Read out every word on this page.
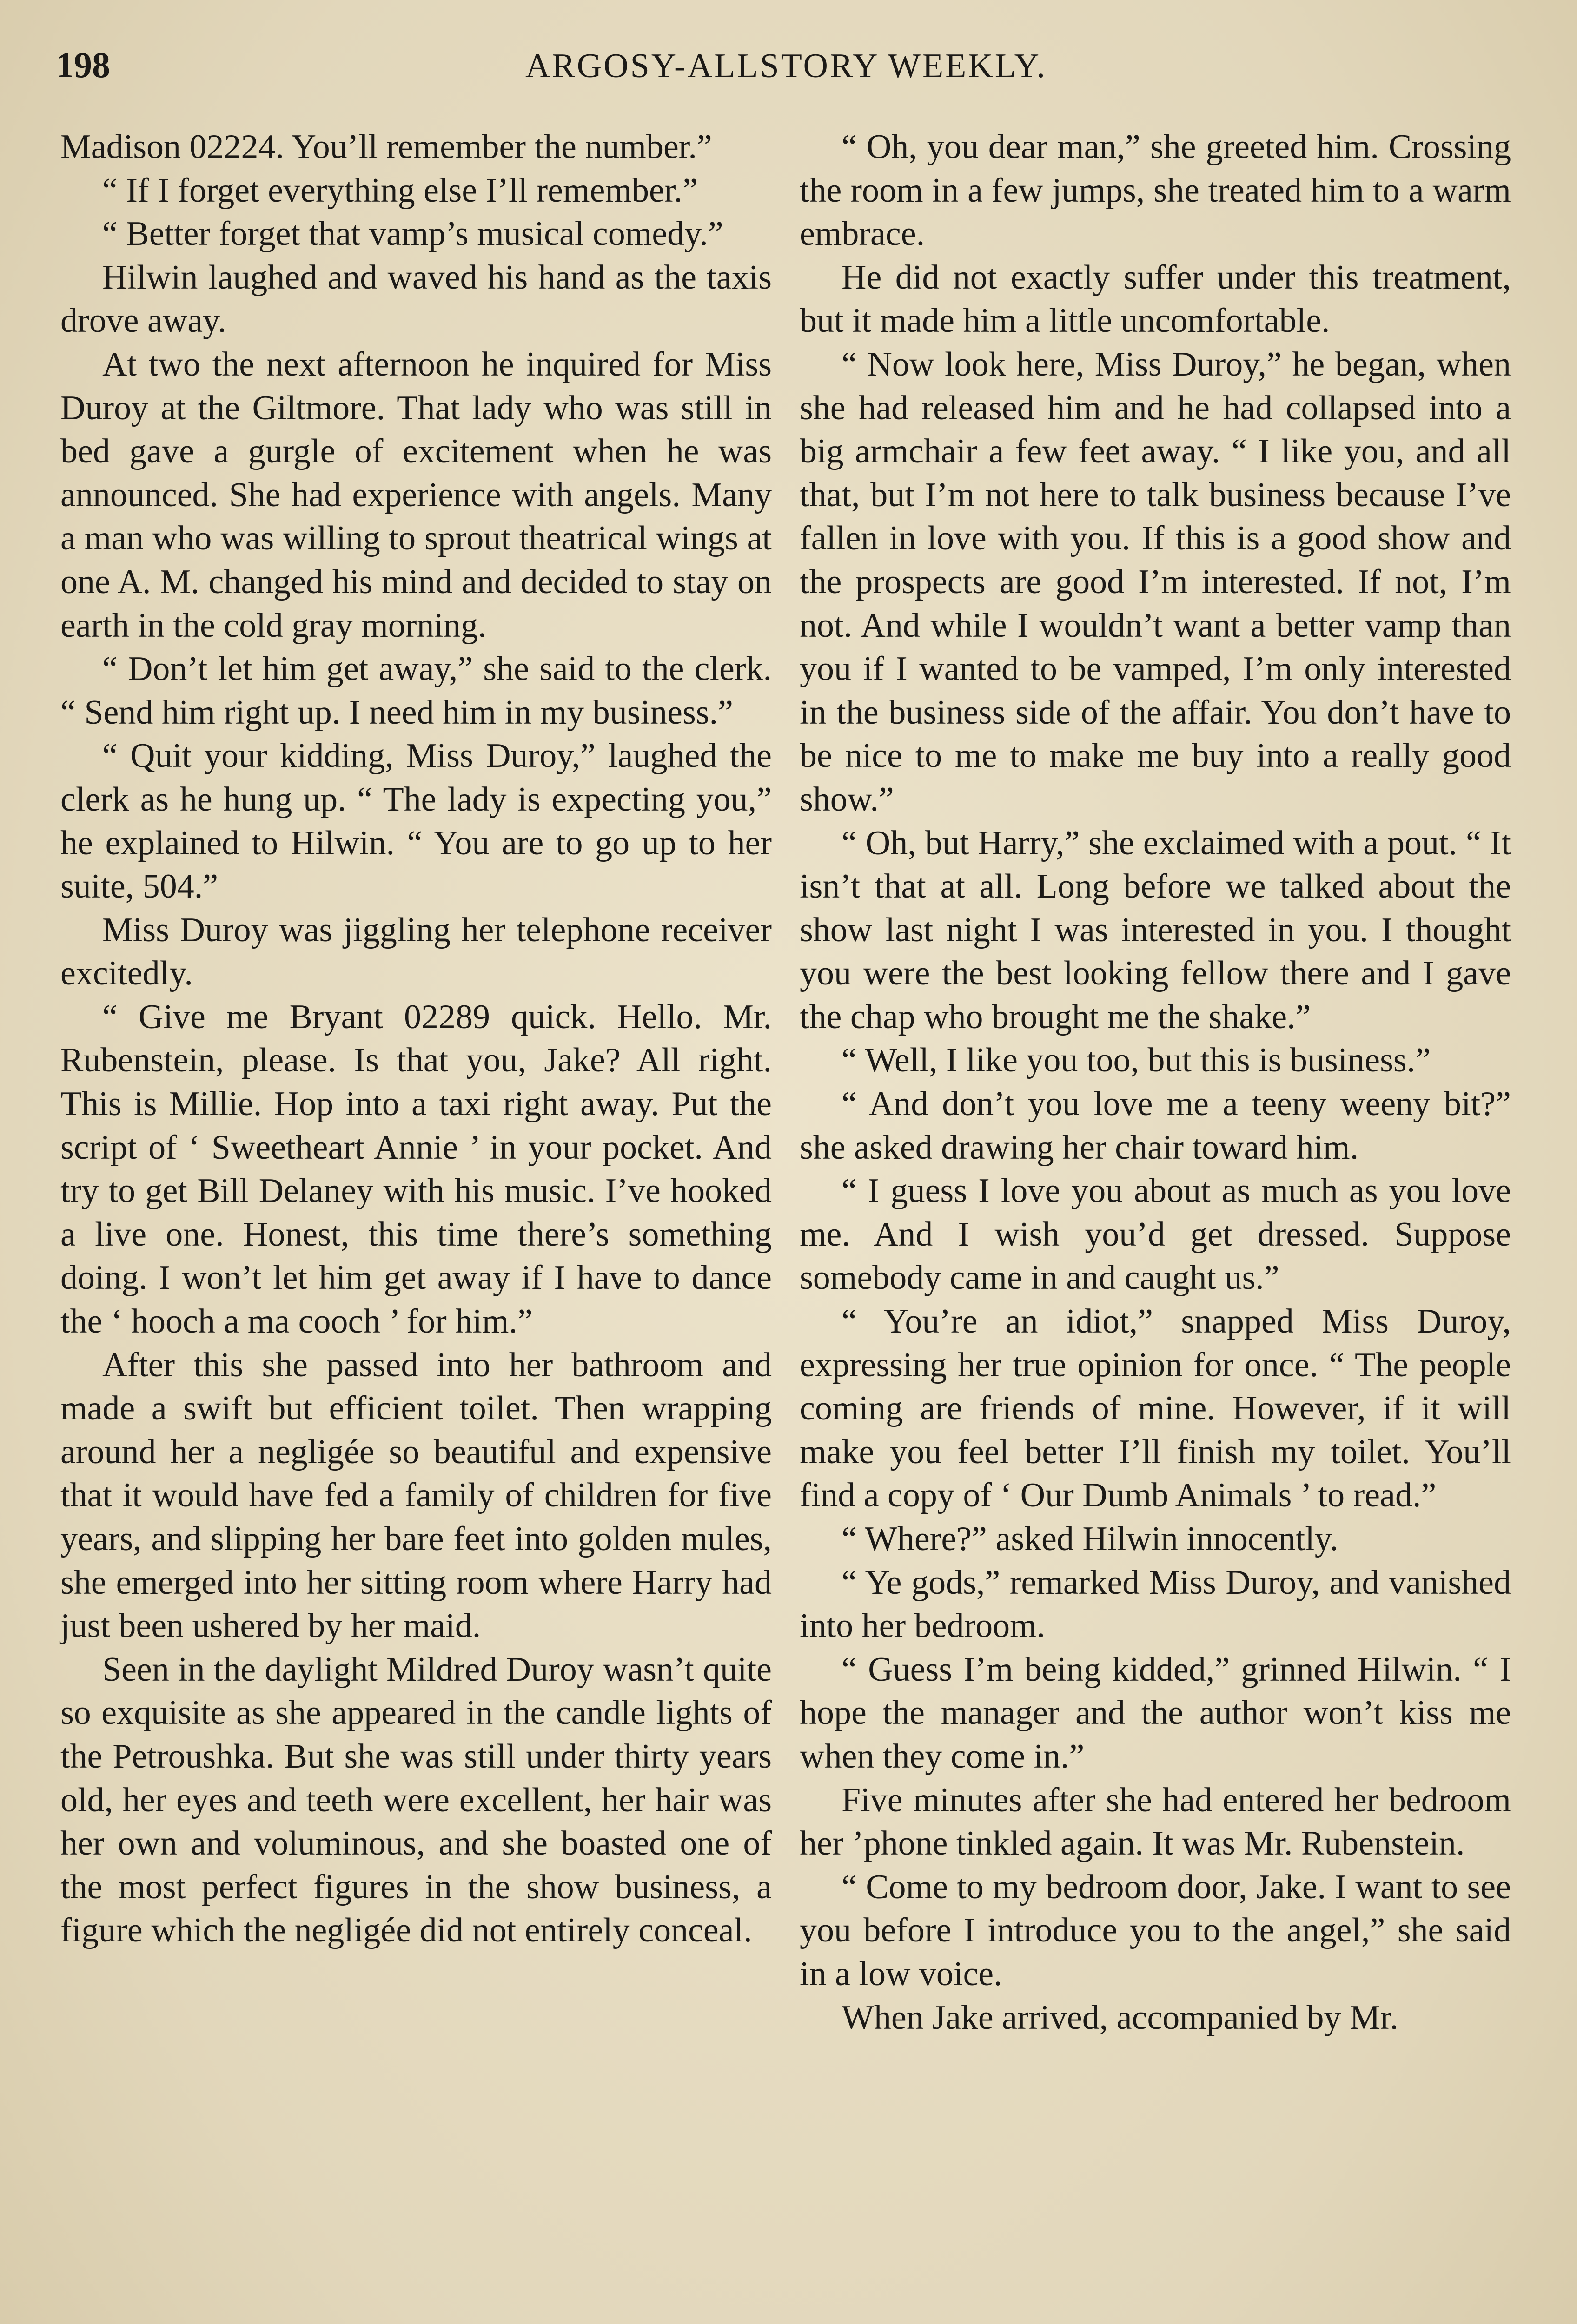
198	ARGOSY-ALLSTORY WEEKLY.

Madison 02224. You’ll remember the number.”

“ If I forget everything else I’ll remember.”

“ Better forget that vamp’s musical comedy.”

Hilwin laughed and waved his hand as the taxis drove away.

At two the next afternoon he inquired for Miss Duroy at the Giltmore. That lady who was still in bed gave a gurgle of excitement when he was announced. She had experience with angels. Many a man who was willing to sprout theatrical wings at one A. M. changed his mind and decided to stay on earth in the cold gray morning.

“ Don’t let him get away,” she said to the clerk. “ Send him right up. I need him in my business.”

“ Quit your kidding, Miss Duroy,” laughed the clerk as he hung up. “ The lady is expecting you,” he explained to Hilwin. “ You are to go up to her suite, 504.”

Miss Duroy was jiggling her telephone receiver excitedly.

“ Give me Bryant 02289 quick. Hello. Mr. Rubenstein, please. Is that you, Jake? All right. This is Millie. Hop into a taxi right away. Put the script of ‘ Sweetheart Annie ’ in your pocket. And try to get Bill Delaney with his music. I’ve hooked a live one. Honest, this time there’s something doing. I won’t let him get away if I have to dance the ‘ hooch a ma cooch ’ for him.”

After this she passed into her bathroom and made a swift but efficient toilet. Then wrapping around her a negligée so beautiful and expensive that it would have fed a family of children for five years, and slipping her bare feet into golden mules, she emerged into her sitting room where Harry had just been ushered by her maid.

Seen in the daylight Mildred Duroy wasn’t quite so exquisite as she appeared in the candle lights of the Petroushka. But she was still under thirty years old, her eyes and teeth were excellent, her hair was her own and voluminous, and she boasted one of the most perfect figures in the show business, a figure which the negligée did not entirely conceal.

“ Oh, you dear man,” she greeted him. Crossing the room in a few jumps, she treated him to a warm embrace.

He did not exactly suffer under this treatment, but it made him a little uncomfortable.

“ Now look here, Miss Duroy,” he began, when she had released him and he had collapsed into a big armchair a few feet away. “ I like you, and all that, but I’m not here to talk business because I’ve fallen in love with you. If this is a good show and the prospects are good I’m interested. If not, I’m not. And while I wouldn’t want a better vamp than you if I wanted to be vamped, I’m only interested in the business side of the affair. You don’t have to be nice to me to make me buy into a really good show.”

“ Oh, but Harry,” she exclaimed with a pout. “ It isn’t that at all. Long before we talked about the show last night I was interested in you. I thought you were the best looking fellow there and I gave the chap who brought me the shake.”

“ Well, I like you too, but this is business.”

“ And don’t you love me a teeny weeny bit?” she asked drawing her chair toward him.

“ I guess I love you about as much as you love me. And I wish you’d get dressed. Suppose somebody came in and caught us.”

“ You’re an idiot,” snapped Miss Duroy, expressing her true opinion for once. “ The people coming are friends of mine. However, if it will make you feel better I’ll finish my toilet. You’ll find a copy of ‘ Our Dumb Animals ’ to read.”

“ Where?” asked Hilwin innocently.

“ Ye gods,” remarked Miss Duroy, and vanished into her bedroom.

“ Guess I’m being kidded,” grinned Hilwin. “ I hope the manager and the author won’t kiss me when they come in.”

Five minutes after she had entered her bedroom her ’phone tinkled again. It was Mr. Rubenstein.

“ Come to my bedroom door, Jake. I want to see you before I introduce you to the angel,” she said in a low voice.

When Jake arrived, accompanied by Mr.
